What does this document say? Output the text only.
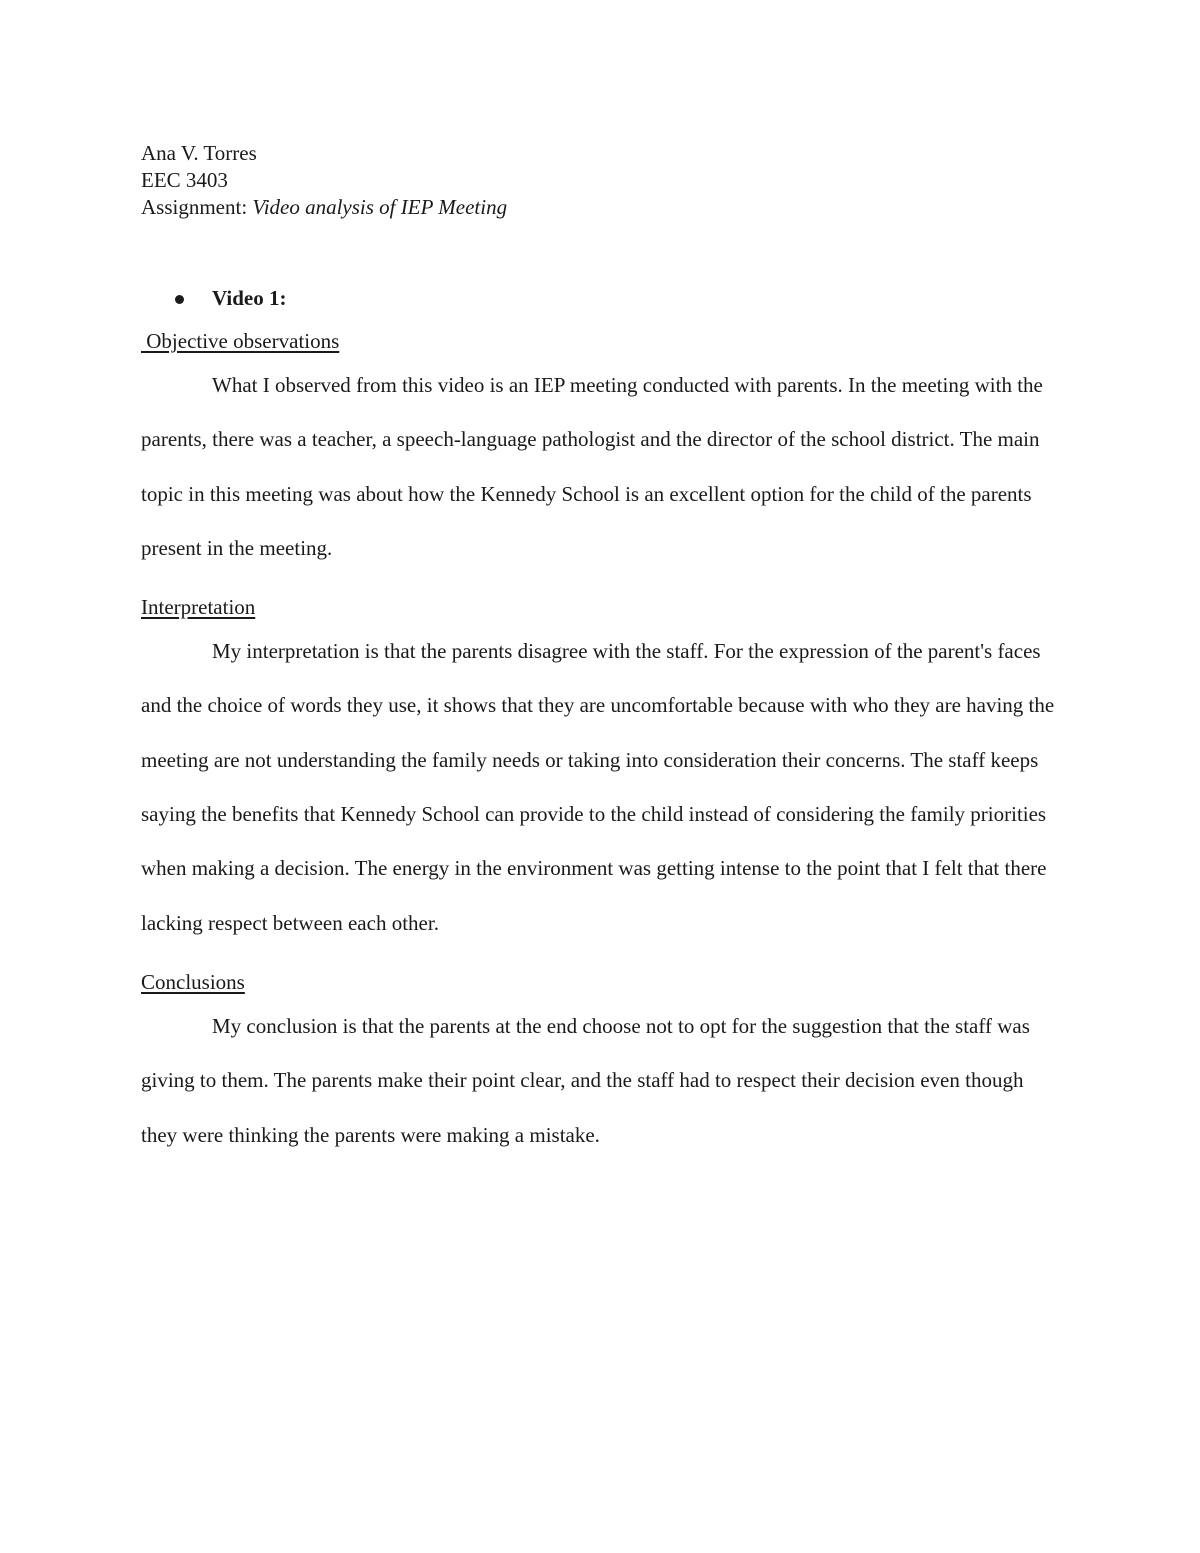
Ana V. Torres
EEC 3403
Assignment: Video analysis of IEP Meeting
Video 1:
Objective observations

What I observed from this video is an IEP meeting conducted with parents. In the meeting with the parents, there was a teacher, a speech-language pathologist and the director of the school district. The main topic in this meeting was about how the Kennedy School is an excellent option for the child of the parents present in the meeting.

Interpretation

My interpretation is that the parents disagree with the staff. For the expression of the parent's faces and the choice of words they use, it shows that they are uncomfortable because with who they are having the meeting are not understanding the family needs or taking into consideration their concerns. The staff keeps saying the benefits that Kennedy School can provide to the child instead of considering the family priorities when making a decision. The energy in the environment was getting intense to the point that I felt that there lacking respect between each other.

Conclusions

My conclusion is that the parents at the end choose not to opt for the suggestion that the staff was giving to them. The parents make their point clear, and the staff had to respect their decision even though they were thinking the parents were making a mistake.
